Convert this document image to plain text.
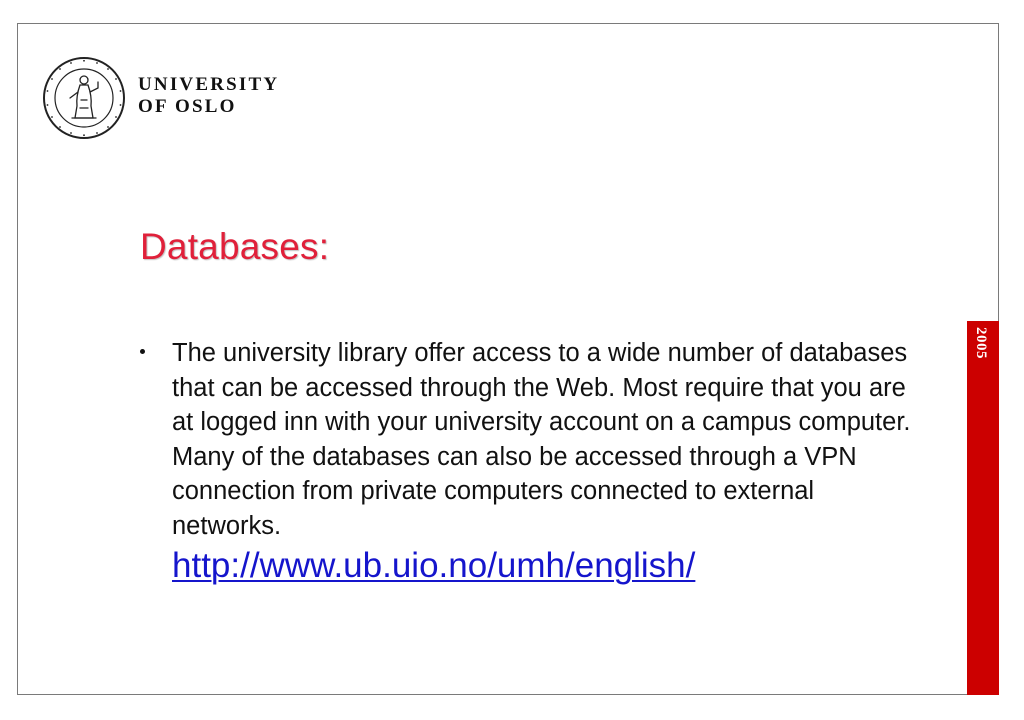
UNIVERSITY
OF OSLO
Databases:
The university library offer access to a wide number of databases that can be accessed through the Web. Most require that you are at logged inn with your university account on a campus computer. Many of the databases can also be accessed through a VPN connection from private computers connected to external networks.
http://www.ub.uio.no/umh/english/
2005
